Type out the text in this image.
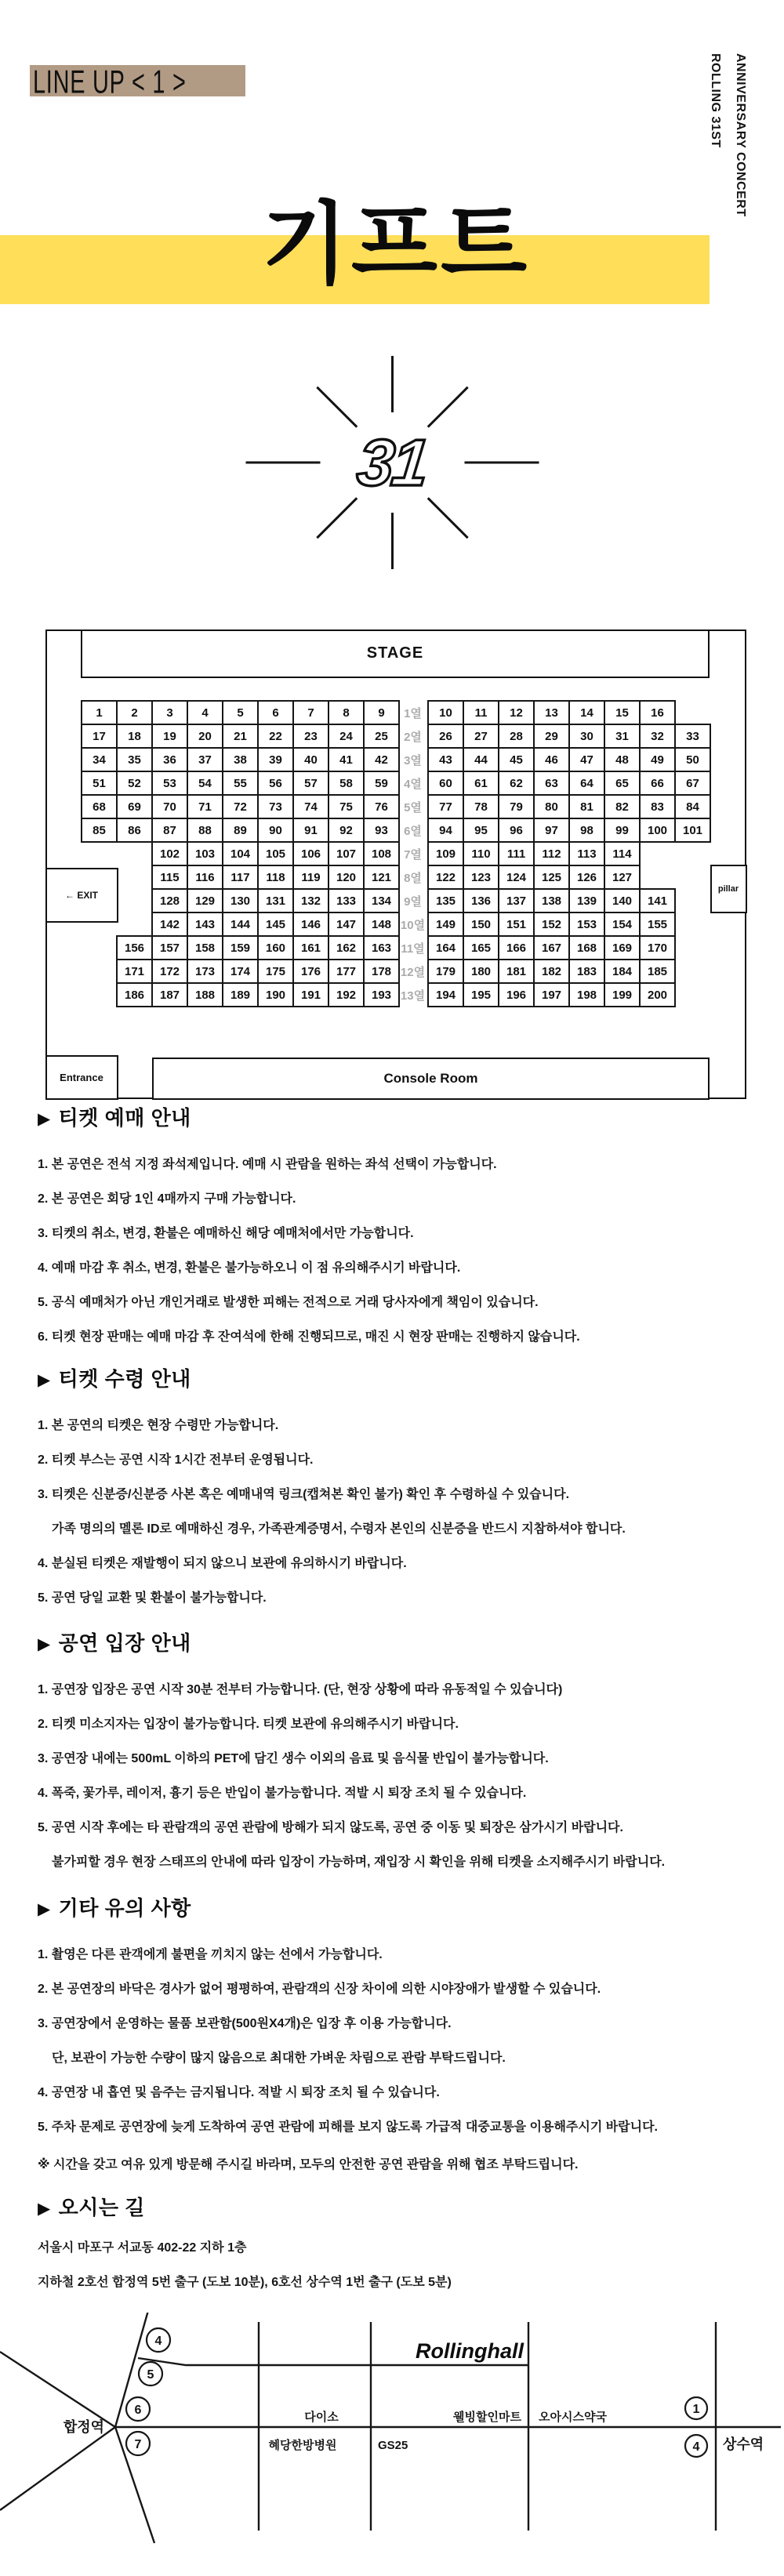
LINE UP < 1 >	ROLLING 31ST ANNIVERSARY CONCERT
기프트
31
STAGE
1	2	3	4	5	6	7	8	9	1열	10	11	12	13	14	15	16
17	18	19	20	21	22	23	24	25	2열	26	27	28	29	30	31	32	33
34	35	36	37	38	39	40	41	42	3열	43	44	45	46	47	48	49	50
51	52	53	54	55	56	57	58	59	4열	60	61	62	63	64	65	66	67
68	69	70	71	72	73	74	75	76	5열	77	78	79	80	81	82	83	84
85	86	87	88	89	90	91	92	93	6열	94	95	96	97	98	99	100	101
102	103	104	105	106	107	108	7열	109	110	111	112	113	114
115	116	117	118	119	120	121	8열	122	123	124	125	126	127
128	129	130	131	132	133	134	9열	135	136	137	138	139	140	141
142	143	144	145	146	147	148 10열 149	150	151	152	153	154	155
156	157	158	159	160	161	162	163 11열 164	165	166	167	168	169	170
171	172	173	174	175	176	177	178 12열 179	180	181	182	183	184	185
186	187	188	189	190	191	192	193 13열 194	195	196	197	198	199	200
← EXIT
Entrance	Console Room
pillar
▶ 티켓 예매 안내
1. 본 공연은 전석 지정 좌석제입니다. 예매 시 관람을 원하는 좌석 선택이 가능합니다.
2. 본 공연은 회당 1인 4매까지 구매 가능합니다.
3. 티켓의 취소, 변경, 환불은 예매하신 해당 예매처에서만 가능합니다.
4. 예매 마감 후 취소, 변경, 환불은 불가능하오니 이 점 유의해주시기 바랍니다.
5. 공식 예매처가 아닌 개인거래로 발생한 피해는 전적으로 거래 당사자에게 책임이 있습니다.
6. 티켓 현장 판매는 예매 마감 후 잔여석에 한해 진행되므로, 매진 시 현장 판매는 진행하지 않습니다.
▶ 티켓 수령 안내
1. 본 공연의 티켓은 현장 수령만 가능합니다.
2. 티켓 부스는 공연 시작 1시간 전부터 운영됩니다.
3. 티켓은 신분증/신분증 사본 혹은 예매내역 링크(캡쳐본 확인 불가) 확인 후 수령하실 수 있습니다.
가족 명의의 멜론 ID로 예매하신 경우, 가족관계증명서, 수령자 본인의 신분증을 반드시 지참하셔야 합니다.
4. 분실된 티켓은 재발행이 되지 않으니 보관에 유의하시기 바랍니다.
5. 공연 당일 교환 및 환불이 불가능합니다.
▶ 공연 입장 안내
1. 공연장 입장은 공연 시작 30분 전부터 가능합니다. (단, 현장 상황에 따라 유동적일 수 있습니다)
2. 티켓 미소지자는 입장이 불가능합니다. 티켓 보관에 유의해주시기 바랍니다.
3. 공연장 내에는 500mL 이하의 PET에 담긴 생수 이외의 음료 및 음식물 반입이 불가능합니다.
4. 폭죽, 꽃가루, 레이저, 흉기 등은 반입이 불가능합니다. 적발 시 퇴장 조치 될 수 있습니다.
5. 공연 시작 후에는 타 관람객의 공연 관람에 방해가 되지 않도록, 공연 중 이동 및 퇴장은 삼가시기 바랍니다.
불가피할 경우 현장 스태프의 안내에 따라 입장이 가능하며, 재입장 시 확인을 위해 티켓을 소지해주시기 바랍니다.
▶ 기타 유의 사항
1. 촬영은 다른 관객에게 불편을 끼치지 않는 선에서 가능합니다.
2. 본 공연장의 바닥은 경사가 없어 평평하여, 관람객의 신장 차이에 의한 시야장애가 발생할 수 있습니다.
3. 공연장에서 운영하는 물품 보관함(500원X4개)은 입장 후 이용 가능합니다.
단, 보관이 가능한 수량이 많지 않음으로 최대한 가벼운 차림으로 관람 부탁드립니다.
4. 공연장 내 흡연 및 음주는 금지됩니다. 적발 시 퇴장 조치 될 수 있습니다.
5. 주차 문제로 공연장에 늦게 도착하여 공연 관람에 피해를 보지 않도록 가급적 대중교통을 이용해주시기 바랍니다.
※ 시간을 갖고 여유 있게 방문해 주시길 바라며, 모두의 안전한 공연 관람을 위해 협조 부탁드립니다.
▶ 오시는 길
서울시 마포구 서교동 402-22 지하 1층
지하철 2호선 합정역 5번 출구 (도보 10분), 6호선 상수역 1번 출구 (도보 5분)
Rollinghall
합정역
상수역
다이소	웰빙할인마트 오아시스약국
혜당한방병원	GS25
4
5
6
7
1
4
